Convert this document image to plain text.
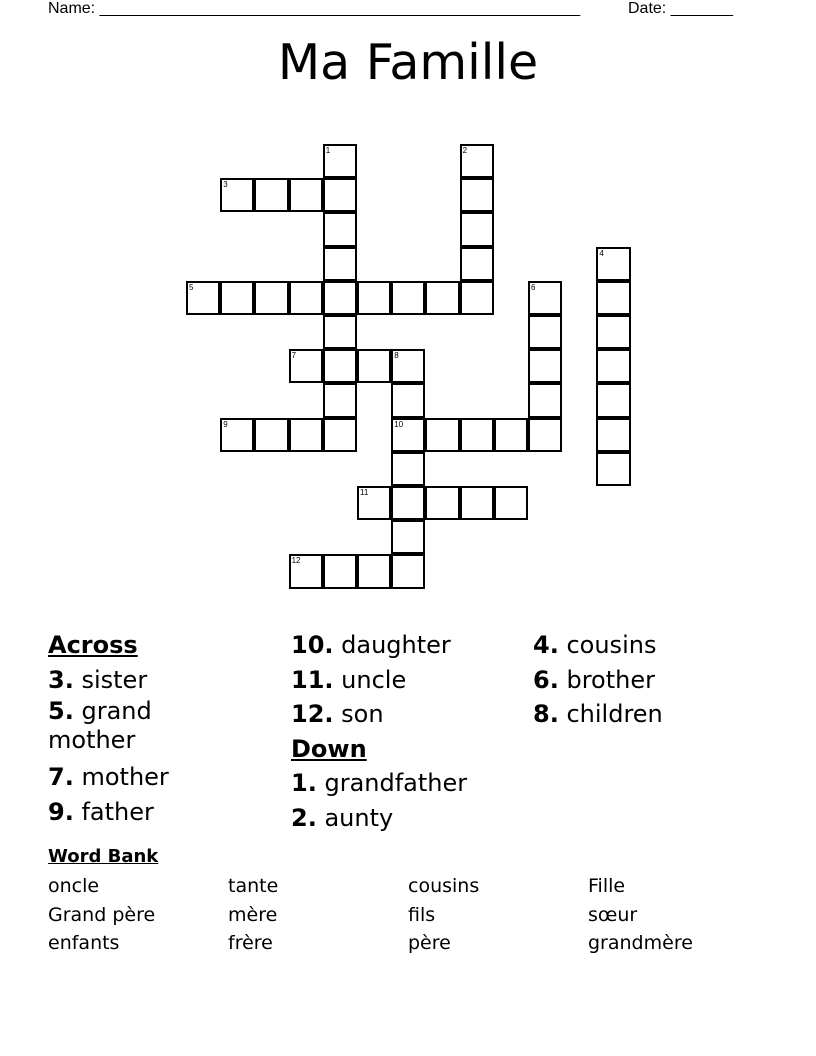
Name: ______________________________________________________	Date: _______
Ma Famille
1	2
3
4
5	6
7	8
9	10
11
12

Across

3. sister

5. grand mother

7. mother

9. father

10. daughter

11. uncle

12. son

Down

1. grandfather

2. aunty

4. cousins

6. brother

8. children

Word Bank
oncle	tante	cousins	Fille
Grand père	mère	fils	sœur
enfants	frère	père	grandmère
